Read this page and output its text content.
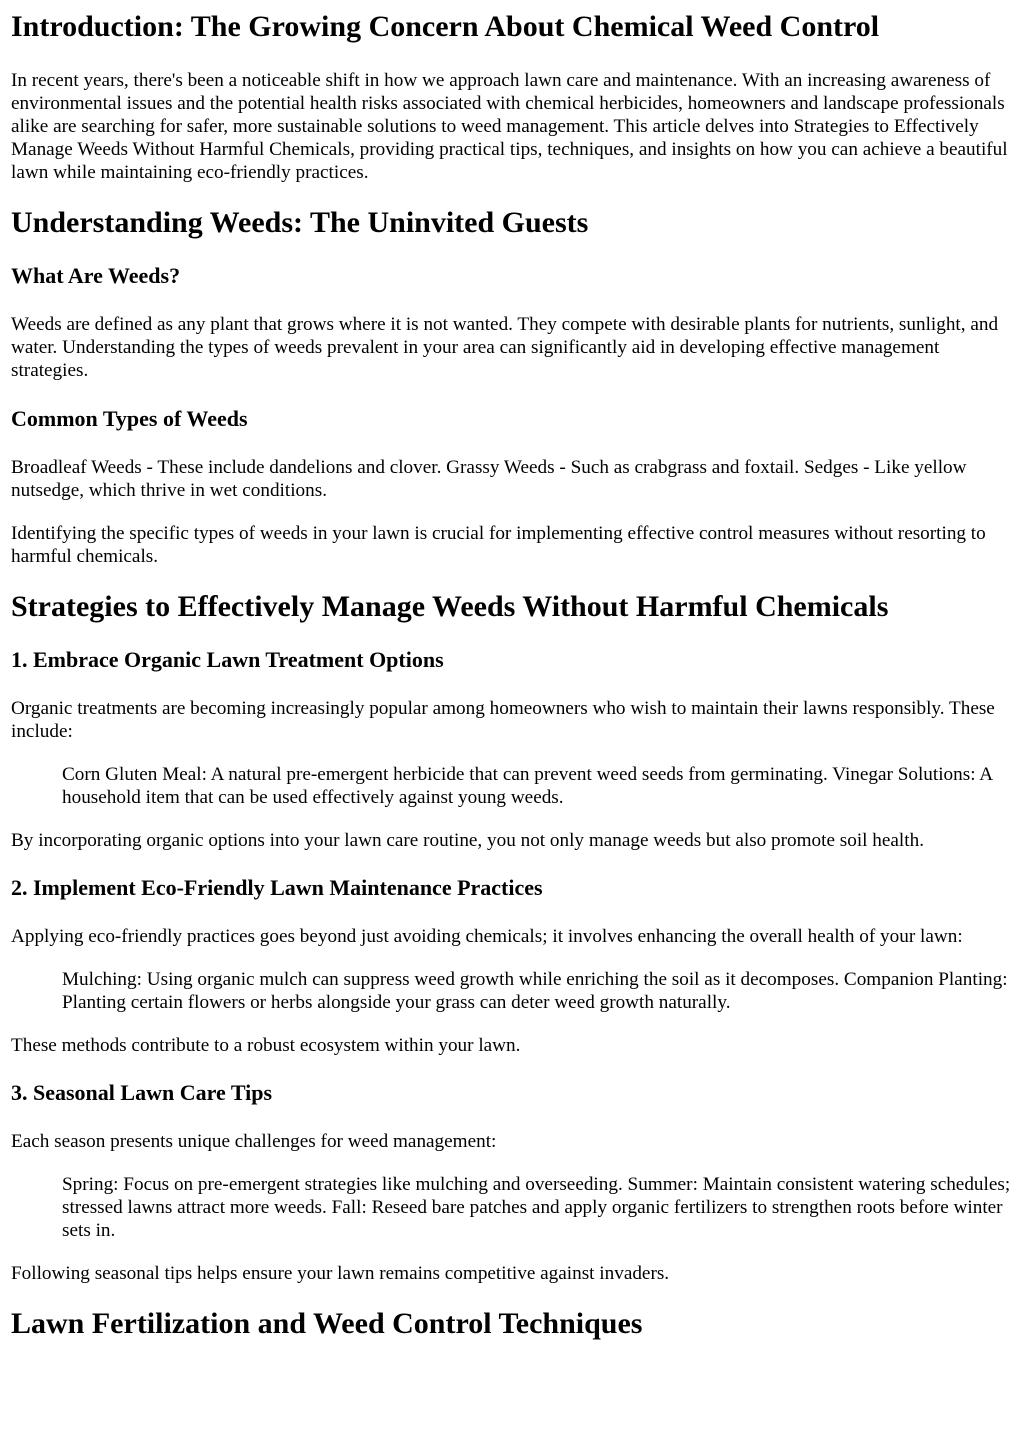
Introduction: The Growing Concern About Chemical Weed Control

In recent years, there's been a noticeable shift in how we approach lawn care and maintenance. With an increasing awareness of environmental issues and the potential health risks associated with chemical herbicides, homeowners and landscape professionals alike are searching for safer, more sustainable solutions to weed management. This article delves into Strategies to Effectively Manage Weeds Without Harmful Chemicals, providing practical tips, techniques, and insights on how you can achieve a beautiful lawn while maintaining eco-friendly practices.

Understanding Weeds: The Uninvited Guests
What Are Weeds?

Weeds are defined as any plant that grows where it is not wanted. They compete with desirable plants for nutrients, sunlight, and water. Understanding the types of weeds prevalent in your area can significantly aid in developing effective management strategies.

Common Types of Weeds

Broadleaf Weeds - These include dandelions and clover. Grassy Weeds - Such as crabgrass and foxtail. Sedges - Like yellow nutsedge, which thrive in wet conditions.

Identifying the specific types of weeds in your lawn is crucial for implementing effective control measures without resorting to harmful chemicals.

Strategies to Effectively Manage Weeds Without Harmful Chemicals
1. Embrace Organic Lawn Treatment Options

Organic treatments are becoming increasingly popular among homeowners who wish to maintain their lawns responsibly. These include:

Corn Gluten Meal: A natural pre-emergent herbicide that can prevent weed seeds from germinating. Vinegar Solutions: A household item that can be used effectively against young weeds.

By incorporating organic options into your lawn care routine, you not only manage weeds but also promote soil health.

2. Implement Eco-Friendly Lawn Maintenance Practices

Applying eco-friendly practices goes beyond just avoiding chemicals; it involves enhancing the overall health of your lawn:

Mulching: Using organic mulch can suppress weed growth while enriching the soil as it decomposes. Companion Planting: Planting certain flowers or herbs alongside your grass can deter weed growth naturally.

These methods contribute to a robust ecosystem within your lawn.

3. Seasonal Lawn Care Tips

Each season presents unique challenges for weed management:

Spring: Focus on pre-emergent strategies like mulching and overseeding. Summer: Maintain consistent watering schedules; stressed lawns attract more weeds. Fall: Reseed bare patches and apply organic fertilizers to strengthen roots before winter sets in.

Following seasonal tips helps ensure your lawn remains competitive against invaders.

Lawn Fertilization and Weed Control Techniques
